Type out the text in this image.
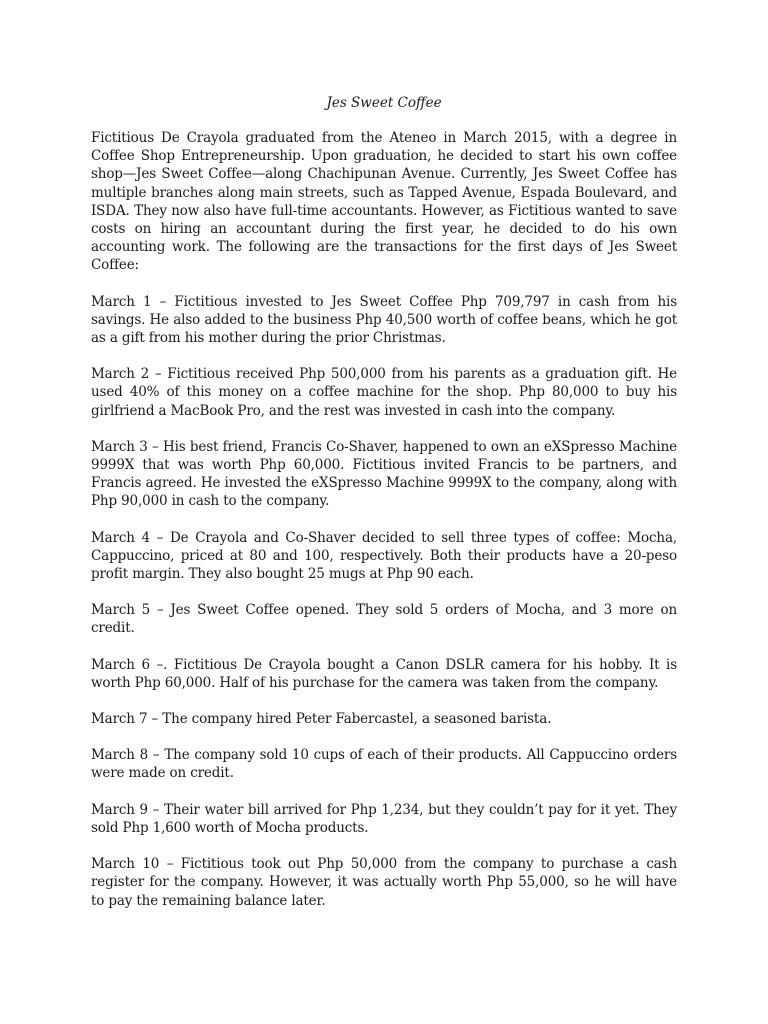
Jes Sweet Coffee

Fictitious De Crayola graduated from the Ateneo in March 2015, with a degree in Coffee Shop Entrepreneurship. Upon graduation, he decided to start his own coffee shop—Jes Sweet Coffee—along Chachipunan Avenue. Currently, Jes Sweet Coffee has multiple branches along main streets, such as Tapped Avenue, Espada Boulevard, and ISDA. They now also have full-time accountants. However, as Fictitious wanted to save costs on hiring an accountant during the first year, he decided to do his own accounting work. The following are the transactions for the first days of Jes Sweet Coffee:

March 1 – Fictitious invested to Jes Sweet Coffee Php 709,797 in cash from his savings. He also added to the business Php 40,500 worth of coffee beans, which he got as a gift from his mother during the prior Christmas.

March 2 – Fictitious received Php 500,000 from his parents as a graduation gift. He used 40% of this money on a coffee machine for the shop. Php 80,000 to buy his girlfriend a MacBook Pro, and the rest was invested in cash into the company.

March 3 – His best friend, Francis Co-Shaver, happened to own an eXSpresso Machine 9999X that was worth Php 60,000. Fictitious invited Francis to be partners, and Francis agreed. He invested the eXSpresso Machine 9999X to the company, along with Php 90,000 in cash to the company.

March 4 – De Crayola and Co-Shaver decided to sell three types of coffee: Mocha, Cappuccino, priced at 80 and 100, respectively. Both their products have a 20-peso profit margin. They also bought 25 mugs at Php 90 each.

March 5 – Jes Sweet Coffee opened. They sold 5 orders of Mocha, and 3 more on credit.

March 6 –. Fictitious De Crayola bought a Canon DSLR camera for his hobby. It is worth Php 60,000. Half of his purchase for the camera was taken from the company.

March 7 – The company hired Peter Fabercastel, a seasoned barista.

March 8 – The company sold 10 cups of each of their products. All Cappuccino orders were made on credit.

March 9 – Their water bill arrived for Php 1,234, but they couldn’t pay for it yet. They sold Php 1,600 worth of Mocha products.

March 10 – Fictitious took out Php 50,000 from the company to purchase a cash register for the company. However, it was actually worth Php 55,000, so he will have to pay the remaining balance later.
